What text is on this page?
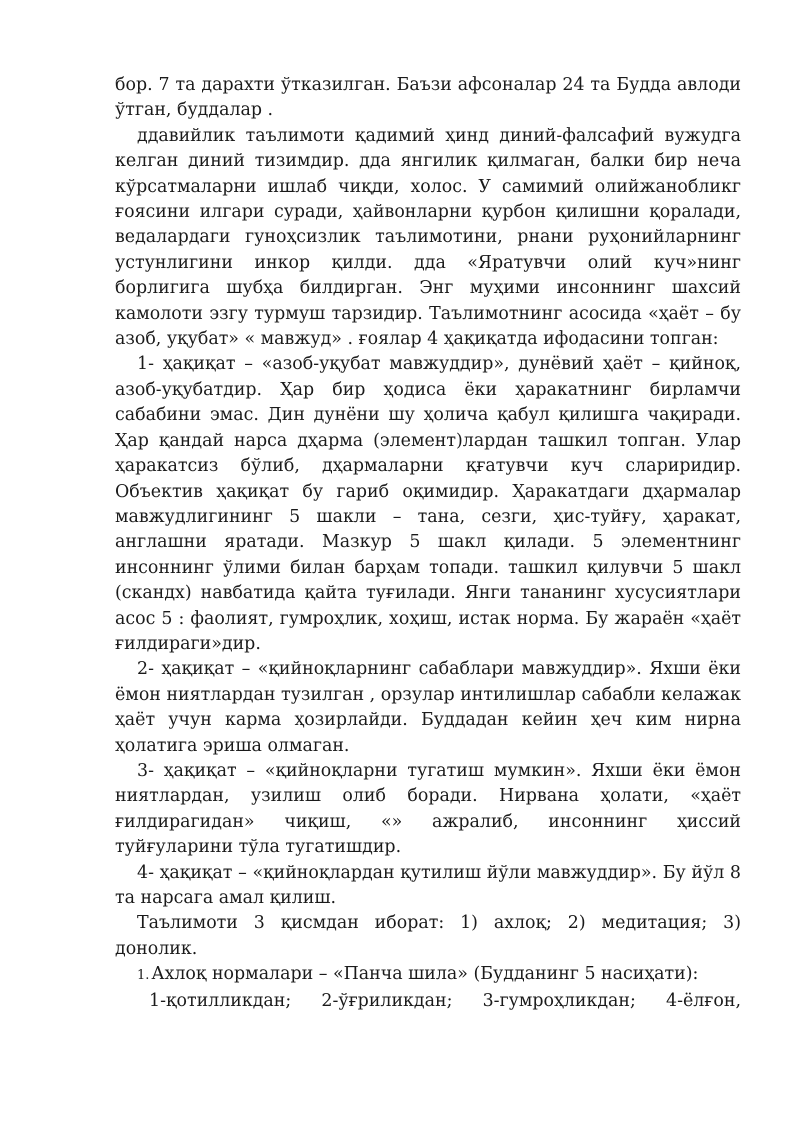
бор. 7 та дарахти ўтказилган. Баъзи афсоналар 24 та Будда авлоди ўтган, буддалар .

ддавийлик таълимоти қадимий ҳинд диний-фалсафий вужудга келган диний тизимдир. дда янгилик қилмаган, балки бир неча кўрсатмаларни ишлаб чиқди, холос. У самимий олийжанобликг ғоясини илгари суради, ҳайвонларни қурбон қилишни қоралади, ведалардаги гуноҳсизлик таълимотини, рнани руҳонийларнинг устунлигини инкор қилди. дда «Яратувчи олий куч»нинг борлигига шубҳа билдирган. Энг муҳими инсоннинг шахсий камолоти эзгу турмуш тарзидир. Таълимотнинг асосида «ҳаёт – бу азоб, уқубат» « мавжуд» . ғоялар 4 ҳақиқатда ифодасини топган:

1- ҳақиқат – «азоб-уқубат мавжуддир», дунёвий ҳаёт – қийноқ, азоб-уқубатдир. Ҳар бир ҳодиса ёки ҳаракатнинг бирламчи сабабини эмас. Дин дунёни шу ҳолича қабул қилишга чақиради. Ҳар қандай нарса дҳарма (элемент)лардан ташкил топган. Улар ҳаракатсиз бўлиб, дҳармаларни қғатувчи куч слариридир. Объектив ҳақиқат бу гариб оқимидир. Ҳаракатдаги дҳармалар мавжудлигининг 5 шакли – тана, сезги, ҳис-туйғу, ҳаракат, англашни яратади. Мазкур 5 шакл қилади. 5 элементнинг инсоннинг ўлими билан барҳам топади. ташкил қилувчи 5 шакл (скандх) навбатида қайта туғилади. Янги тананинг хусусиятлари асос 5 : фаолият, гумроҳлик, хоҳиш, истак норма. Бу жараён «ҳаёт ғилдираги»дир.

2- ҳақиқат – «қийноқларнинг сабаблари мавжуддир». Яхши ёки ёмон ниятлардан тузилган , орзулар интилишлар сабабли келажак ҳаёт учун карма ҳозирлайди. Буддадан кейин ҳеч ким нирна ҳолатига эриша олмаган.

3- ҳақиқат – «қийноқларни тугатиш мумкин». Яхши ёки ёмон ниятлардан, узилиш олиб боради. Нирвана ҳолати, «ҳаёт ғилдирагидан» чиқиш, «» ажралиб, инсоннинг ҳиссий туйғуларини тўла тугатишдир.

4- ҳақиқат – «қийноқлардан қутилиш йўли мавжуддир». Бу йўл 8 та нарсага амал қилиш.

Таълимоти 3 қисмдан иборат: 1) ахлоқ; 2) медитация; 3) донолик.

1. Ахлоқ нормалари – «Панча шила» (Будданинг 5 насиҳати):
1-қотилликдан; 2-ўғриликдан; 3-гумроҳликдан; 4-ёлғон,
